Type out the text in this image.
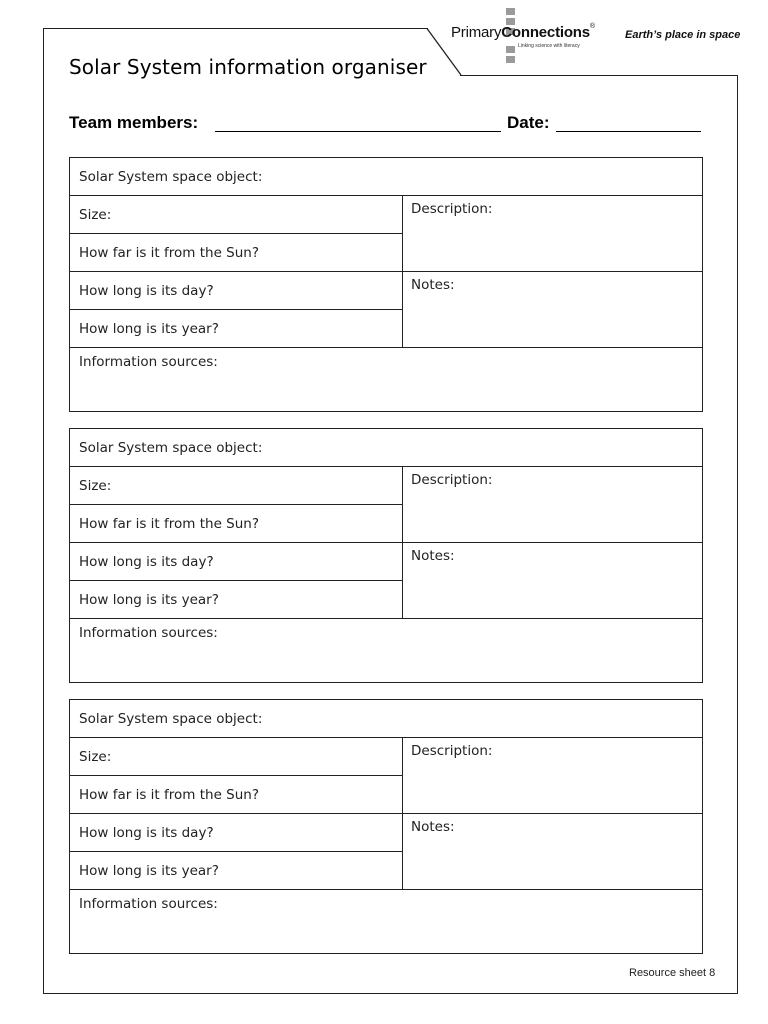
PrimaryConnections®
Linking science with literacy
Earth’s place in space
Solar System information organiser
Team members:	Date:
Solar System space object:
Size:
How far is it from the Sun?
How long is its day?
How long is its year?
Description:
Notes:
Information sources:
Solar System space object:
Size:
How far is it from the Sun?
How long is its day?
How long is its year?
Description:
Notes:
Information sources:
Solar System space object:
Size:
How far is it from the Sun?
How long is its day?
How long is its year?
Description:
Notes:
Information sources:
Resource sheet 8
